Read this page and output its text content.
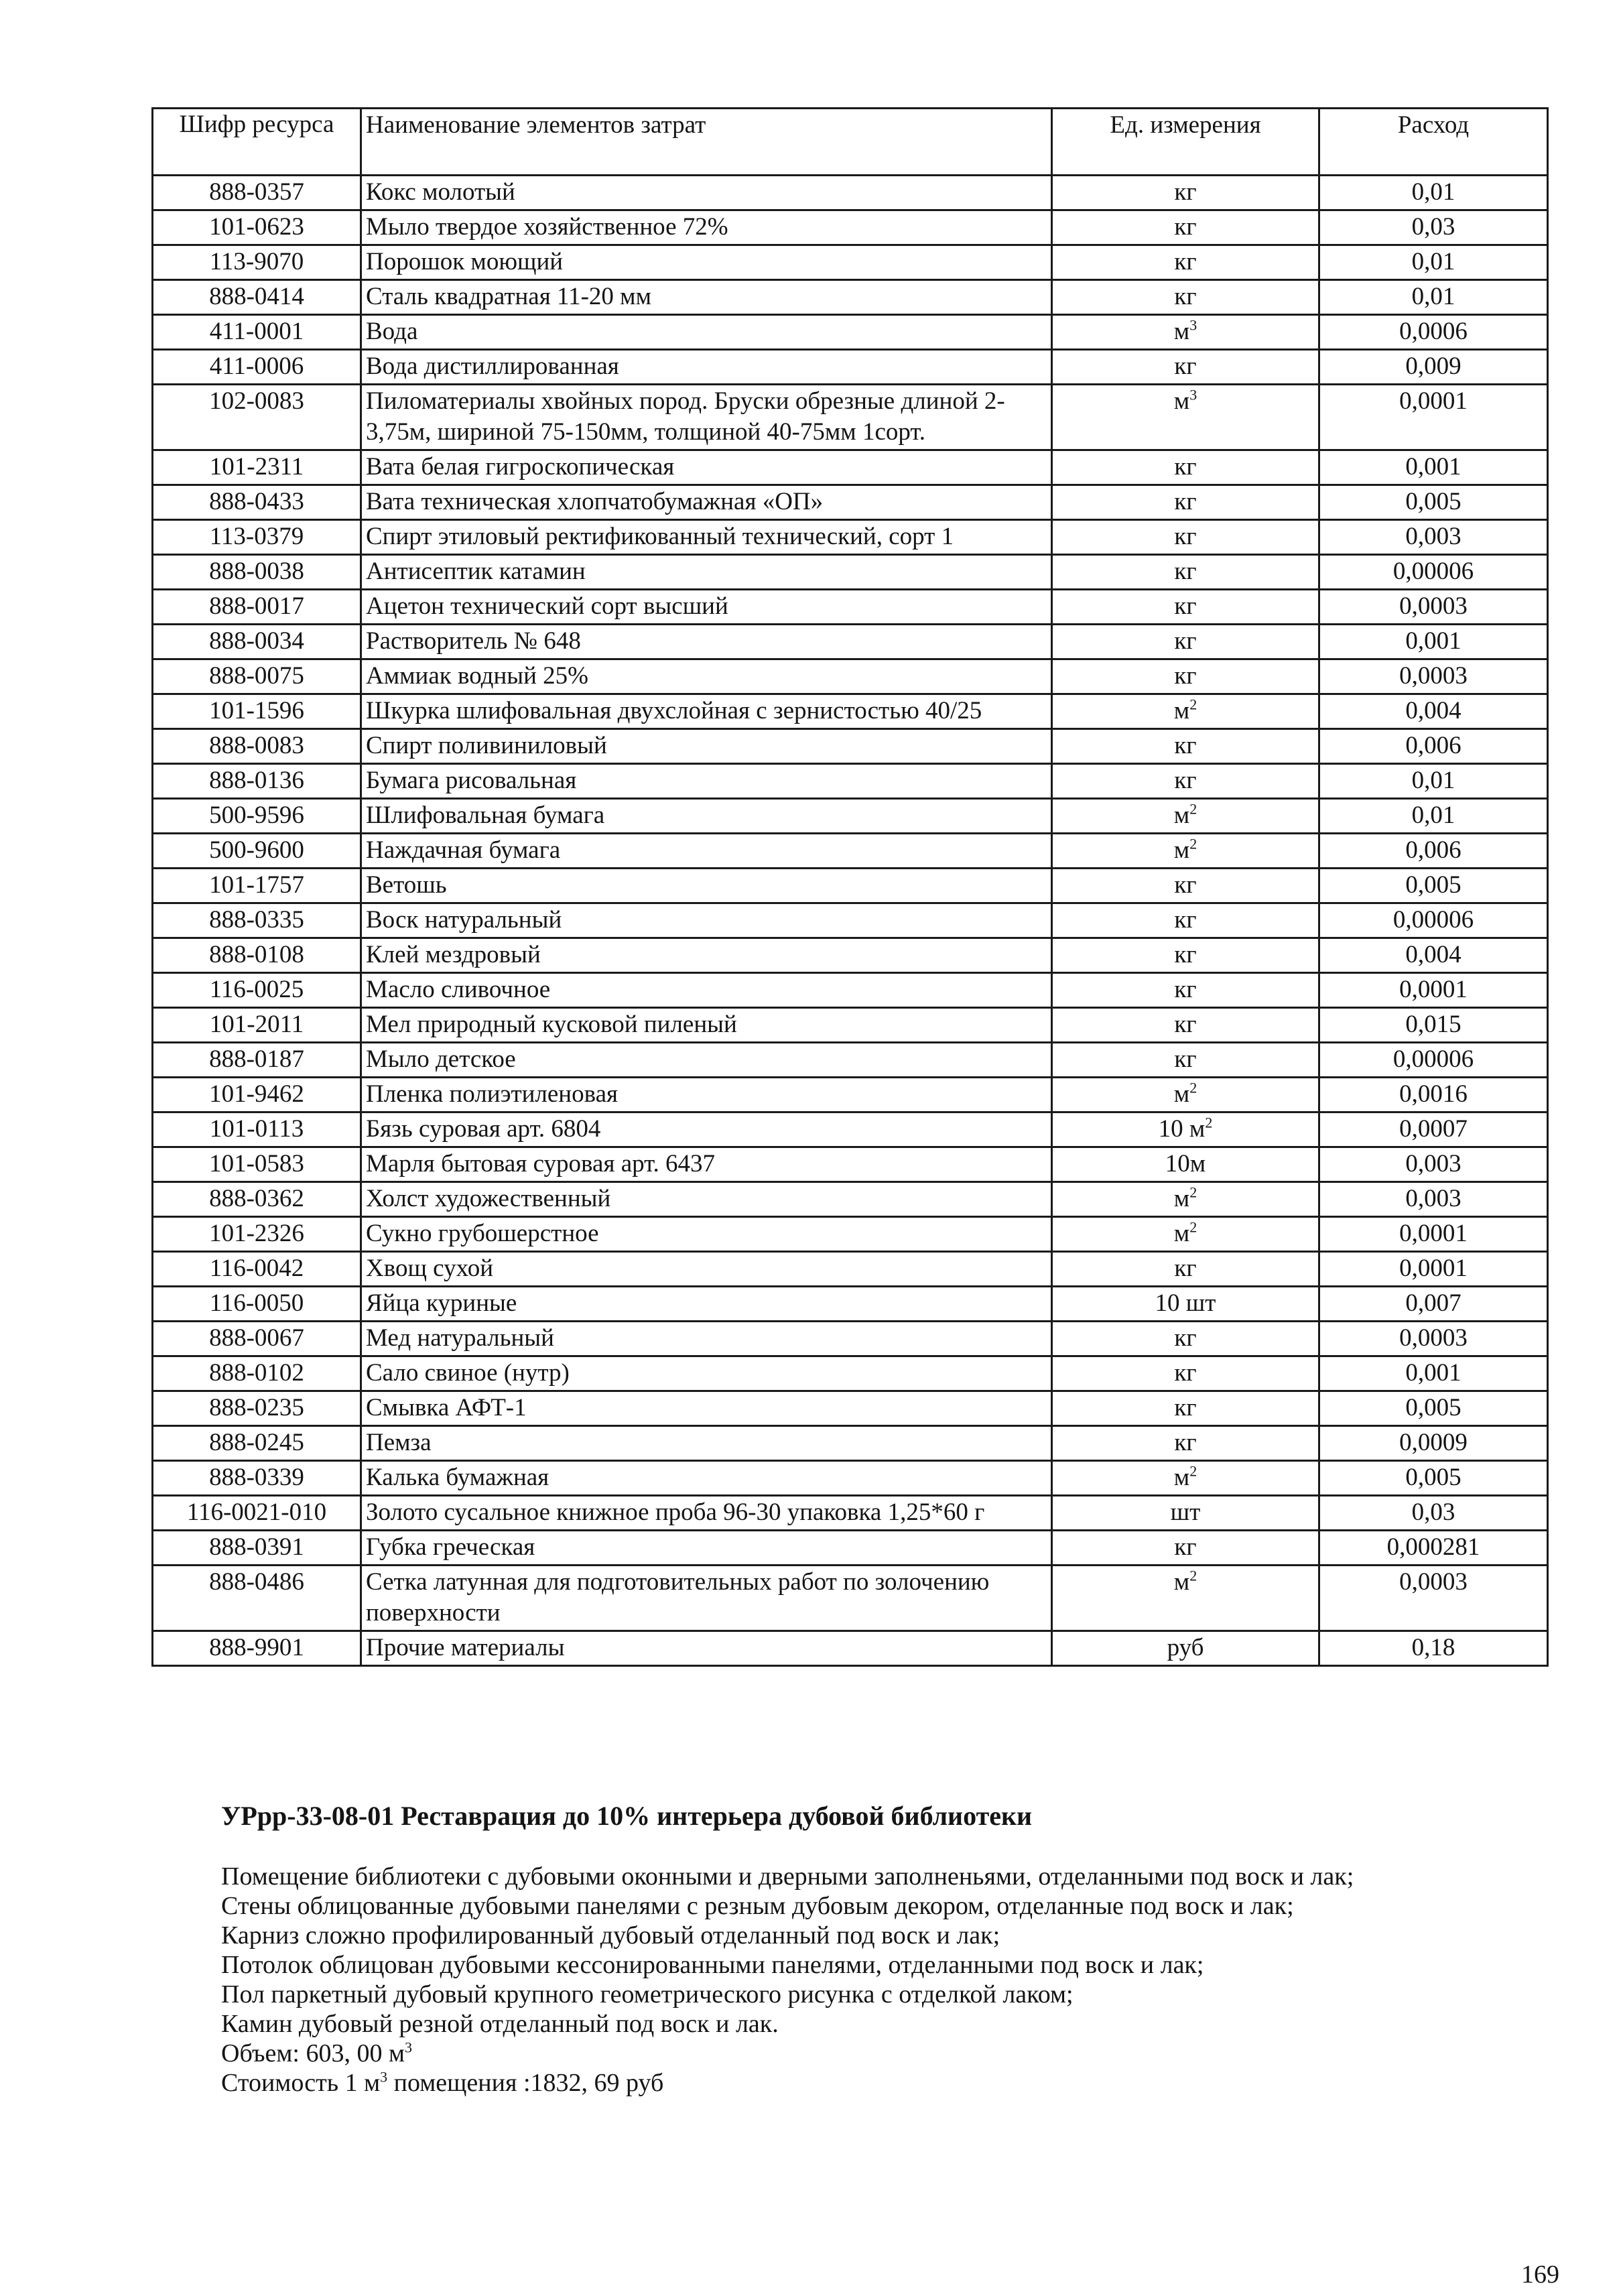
Шифр ресурса	Наименование элементов затрат	Ед. измерения	Расход
888-0357	Кокс молотый	кг	0,01
101-0623	Мыло твердое хозяйственное 72%	кг	0,03
113-9070	Порошок моющий	кг	0,01
888-0414	Сталь квадратная 11-20 мм	кг	0,01
411-0001	Вода	$м^3$	0,0006
411-0006	Вода дистиллированная	кг	0,009
102-0083	Пиломатериалы хвойных пород. Бруски обрезные длиной 2-3,75м, шириной 75-150мм, толщиной 40-75мм 1сорт.	$м^3$	0,0001
101-2311	Вата белая гигроскопическая	кг	0,001
888-0433	Вата техническая хлопчатобумажная «ОП»	кг	0,005
113-0379	Спирт этиловый ректификованный технический, сорт 1	кг	0,003
888-0038	Антисептик катамин	кг	0,00006
888-0017	Ацетон технический сорт высший	кг	0,0003
888-0034	Растворитель № 648	кг	0,001
888-0075	Аммиак водный 25%	кг	0,0003
101-1596	Шкурка шлифовальная двухслойная с зернистостью 40/25	$м^2$	0,004
888-0083	Спирт поливиниловый	кг	0,006
888-0136	Бумага рисовальная	кг	0,01
500-9596	Шлифовальная бумага	$м^2$	0,01
500-9600	Наждачная бумага	$м^2$	0,006
101-1757	Ветошь	кг	0,005
888-0335	Воск натуральный	кг	0,00006
888-0108	Клей мездровый	кг	0,004
116-0025	Масло сливочное	кг	0,0001
101-2011	Мел природный кусковой пиленый	кг	0,015
888-0187	Мыло детское	кг	0,00006
101-9462	Пленка полиэтиленовая	$м^2$	0,0016
101-0113	Бязь суровая арт. 6804	10 $м^2$	0,0007
101-0583	Марля бытовая суровая арт. 6437	10м	0,003
888-0362	Холст художественный	$м^2$	0,003
101-2326	Сукно грубошерстное	$м^2$	0,0001
116-0042	Хвощ сухой	кг	0,0001
116-0050	Яйца куриные	10 шт	0,007
888-0067	Мед натуральный	кг	0,0003
888-0102	Сало свиное (нутр)	кг	0,001
888-0235	Смывка АФТ-1	кг	0,005
888-0245	Пемза	кг	0,0009
888-0339	Калька бумажная	$м^2$	0,005
116-0021-010	Золото сусальное книжное проба 96-30 упаковка 1,25*60 г	шт	0,03
888-0391	Губка греческая	кг	0,000281
888-0486	Сетка латунная для подготовительных работ по золочению поверхности	$м^2$	0,0003
888-9901	Прочие материалы	руб	0,18
УРрр-33-08-01 Реставрация до 10% интерьера дубовой библиотеки
Помещение библиотеки с дубовыми оконными и дверными заполненьями, отделанными под воск и лак;
Стены облицованные дубовыми панелями с резным дубовым декором, отделанные под воск и лак;
Карниз сложно профилированный дубовый отделанный под воск и лак;
Потолок облицован дубовыми кессонированными панелями, отделанными под воск и лак;
Пол паркетный дубовый крупного геометрического рисунка с отделкой лаком;
Камин дубовый резной отделанный под воск и лак.
Объем: 603, 00 $м^3$
Стоимость 1 $м^3$ помещения :1832, 69 руб
169
